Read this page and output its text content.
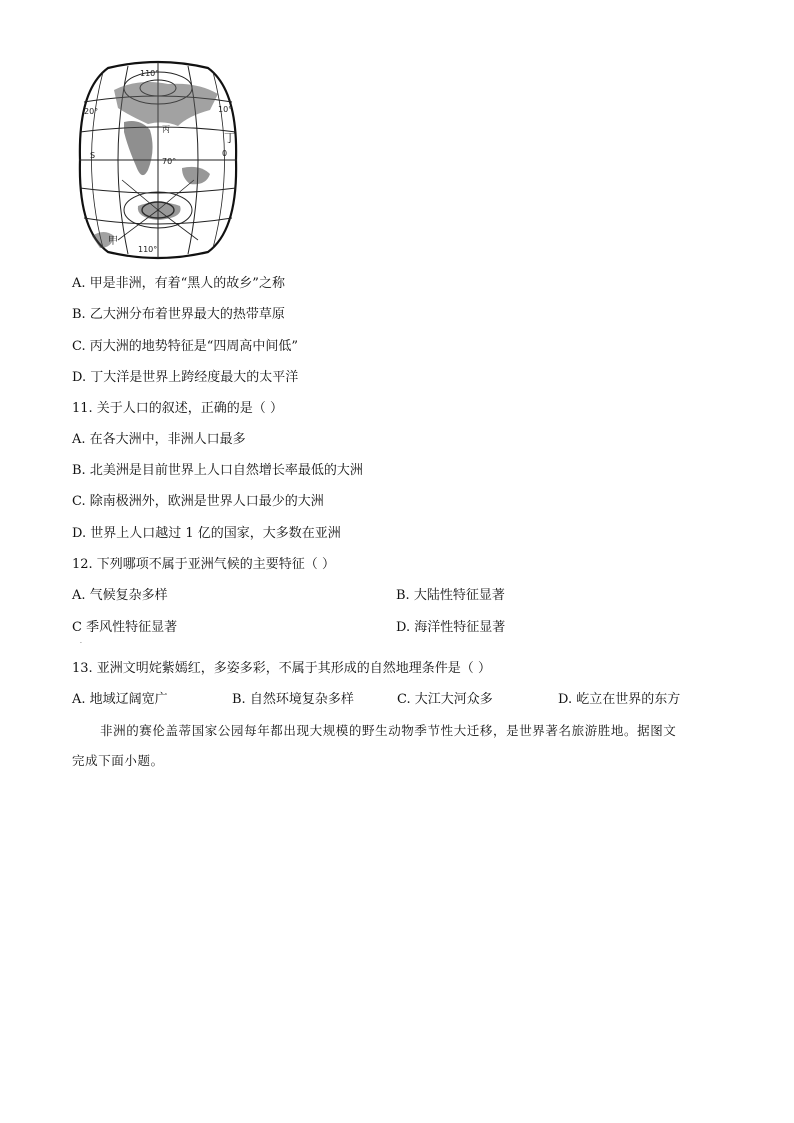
110°
20°	10°
丁
0
丙
70°
S
甲
110°
A. 甲是非洲，有着“黑人的故乡”之称
B. 乙大洲分布着世界最大的热带草原
C. 丙大洲的地势特征是“四周高中间低”
D. 丁大洋是世界上跨经度最大的太平洋
11. 关于人口的叙述，正确的是（ ）
A. 在各大洲中，非洲人口最多
B. 北美洲是目前世界上人口自然增长率最低的大洲
C. 除南极洲外，欧洲是世界人口最少的大洲
D. 世界上人口越过 1 亿的国家，大多数在亚洲
12. 下列哪项不属于亚洲气候的主要特征（ ）
A. 气候复杂多样	B. 大陆性特征显著
C 季风性特征显著	D. 海洋性特征显著
·
13. 亚洲文明姹紫嫣红，多姿多彩，不属于其形成的自然地理条件是（ ）
A. 地域辽阔宽广	B. 自然环境复杂多样	C. 大江大河众多	D. 屹立在世界的东方
非洲的赛伦盖蒂国家公园每年都出现大规模的野生动物季节性大迁移，是世界著名旅游胜地。据图文
完成下面小题。
